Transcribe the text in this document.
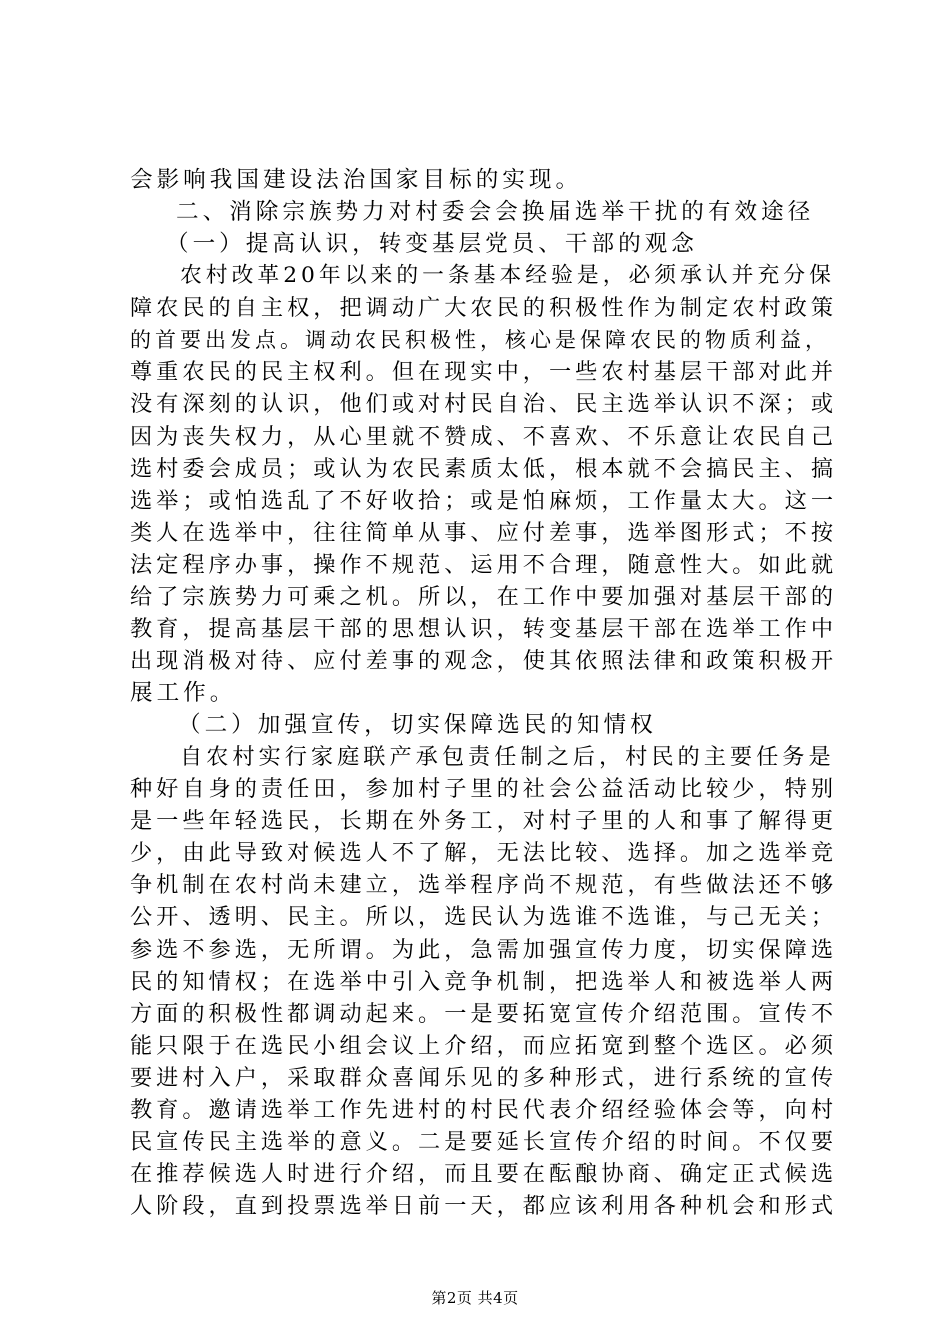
会影响我国建设法治国家目标的实现。
二、消除宗族势力对村委会会换届选举干扰的有效途径
（一）提高认识，转变基层党员、干部的观念
农村改革20年以来的一条基本经验是，必须承认并充分保
障农民的自主权，把调动广大农民的积极性作为制定农村政策
的首要出发点。调动农民积极性，核心是保障农民的物质利益，
尊重农民的民主权利。但在现实中，一些农村基层干部对此并
没有深刻的认识，他们或对村民自治、民主选举认识不深；或
因为丧失权力，从心里就不赞成、不喜欢、不乐意让农民自己
选村委会成员；或认为农民素质太低，根本就不会搞民主、搞
选举；或怕选乱了不好收拾；或是怕麻烦，工作量太大。这一
类人在选举中，往往简单从事、应付差事，选举图形式；不按
法定程序办事，操作不规范、运用不合理，随意性大。如此就
给了宗族势力可乘之机。所以，在工作中要加强对基层干部的
教育，提高基层干部的思想认识，转变基层干部在选举工作中
出现消极对待、应付差事的观念，使其依照法律和政策积极开
展工作。
（二）加强宣传，切实保障选民的知情权
自农村实行家庭联产承包责任制之后，村民的主要任务是
种好自身的责任田，参加村子里的社会公益活动比较少，特别
是一些年轻选民，长期在外务工，对村子里的人和事了解得更
少，由此导致对候选人不了解，无法比较、选择。加之选举竞
争机制在农村尚未建立，选举程序尚不规范，有些做法还不够
公开、透明、民主。所以，选民认为选谁不选谁，与己无关；
参选不参选，无所谓。为此，急需加强宣传力度，切实保障选
民的知情权；在选举中引入竞争机制，把选举人和被选举人两
方面的积极性都调动起来。一是要拓宽宣传介绍范围。宣传不
能只限于在选民小组会议上介绍，而应拓宽到整个选区。必须
要进村入户，采取群众喜闻乐见的多种形式，进行系统的宣传
教育。邀请选举工作先进村的村民代表介绍经验体会等，向村
民宣传民主选举的意义。二是要延长宣传介绍的时间。不仅要
在推荐候选人时进行介绍，而且要在酝酿协商、确定正式候选
人阶段，直到投票选举日前一天，都应该利用各种机会和形式
第2页 共4页
